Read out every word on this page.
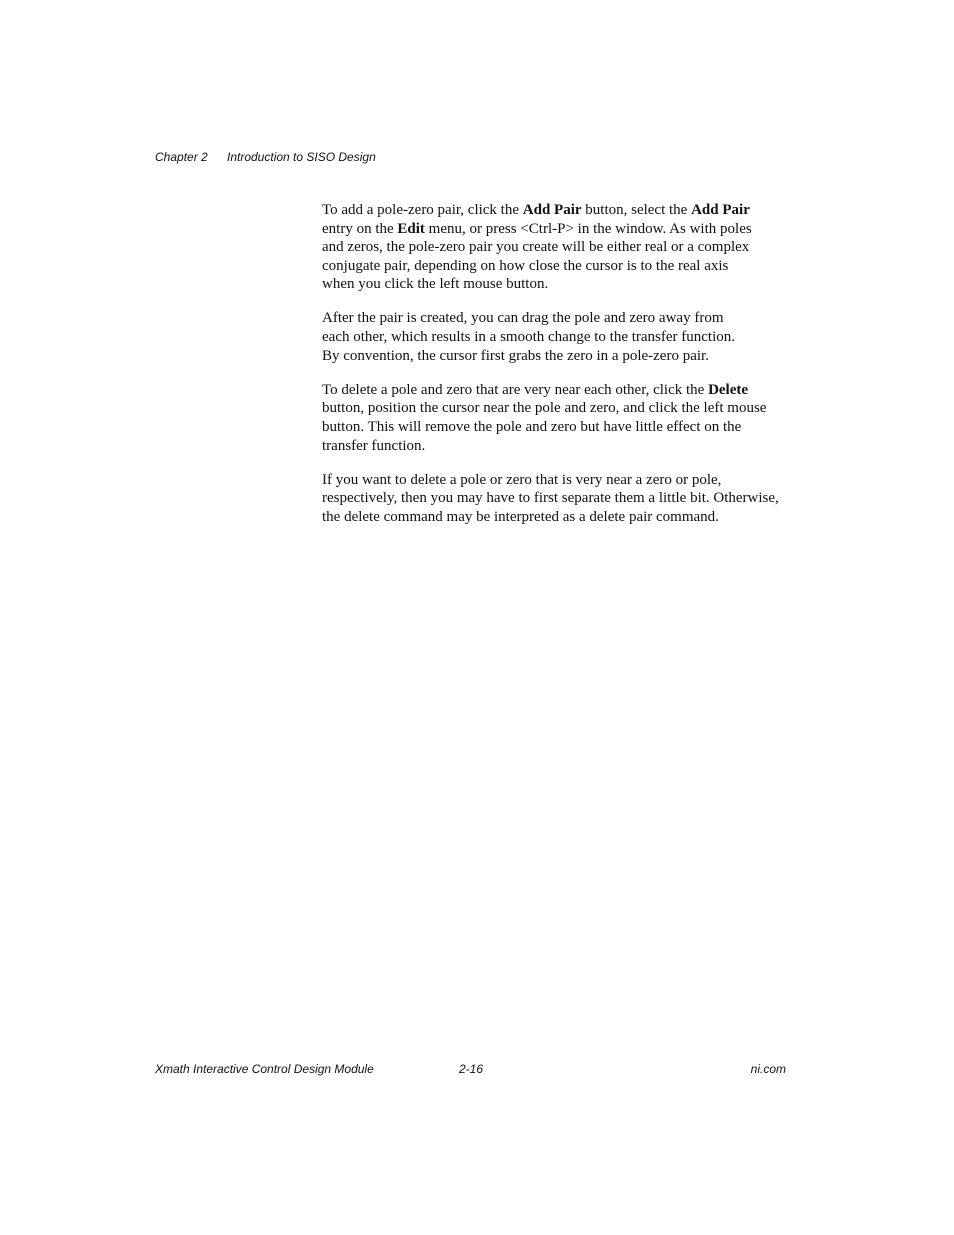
Chapter 2 Introduction to SISO Design

To add a pole-zero pair, click the Add Pair button, select the Add Pair
entry on the Edit menu, or press <Ctrl-P> in the window. As with poles
and zeros, the pole-zero pair you create will be either real or a complex
conjugate pair, depending on how close the cursor is to the real axis
when you click the left mouse button.

After the pair is created, you can drag the pole and zero away from
each other, which results in a smooth change to the transfer function.
By convention, the cursor first grabs the zero in a pole-zero pair.

To delete a pole and zero that are very near each other, click the Delete
button, position the cursor near the pole and zero, and click the left mouse
button. This will remove the pole and zero but have little effect on the
transfer function.

If you want to delete a pole or zero that is very near a zero or pole,
respectively, then you may have to first separate them a little bit. Otherwise,
the delete command may be interpreted as a delete pair command.

Xmath Interactive Control Design Module	2-16	ni.com
